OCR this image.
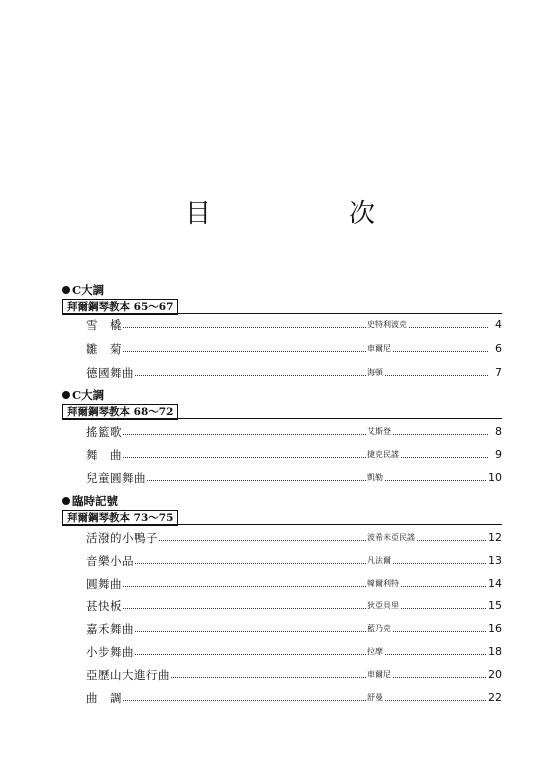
目　次
C大調
拜爾鋼琴教本 65～67
雪　橇	史特利波克	4
雛　菊	車爾尼	6
德國舞曲	海頓	7
C大調
拜爾鋼琴教本 68～72
搖籃歌	艾斯登	8
舞　曲	捷克民謠	9
兒童圓舞曲	凱勒	10
臨時記號
拜爾鋼琴教本 73～75
活潑的小鴨子	波希米亞民謠	12
音樂小品	凡法爾	13
圓舞曲	韓爾利特	14
甚快板	狄亞貝里	15
嘉禾舞曲	藍乃克	16
小步舞曲	拉摩	18
亞歷山大進行曲	車爾尼	20
曲　調	舒曼	22
